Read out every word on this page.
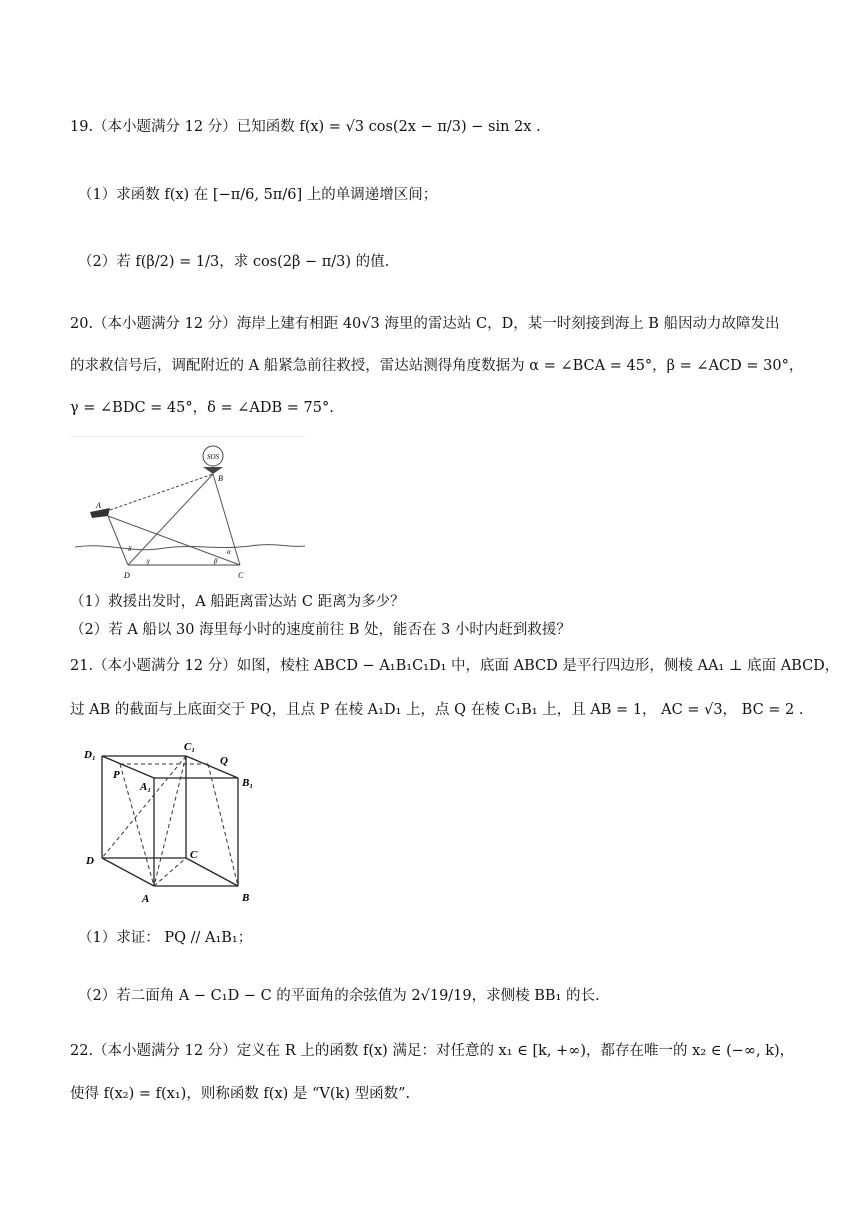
19.（本小题满分 12 分）已知函数 f(x) = √3 cos(2x − π/3) − sin 2x .
（1）求函数 f(x) 在 [−π/6, 5π/6] 上的单调递增区间；
（2）若 f(β/2) = 1/3，求 cos(2β − π/3) 的值.
20.（本小题满分 12 分）海岸上建有相距 40√3 海里的雷达站 C，D，某一时刻接到海上 B 船因动力故障发出
的求救信号后，调配附近的 A 船紧急前往救授，雷达站测得角度数据为 α = ∠BCA = 45°，β = ∠ACD = 30°，
γ = ∠BDC = 45°，δ = ∠ADB = 75°.
SOS
A
B
C
D
α
β
γ
δ
（1）救援出发时，A 船距离雷达站 C 距离为多少？
（2）若 A 船以 30 海里每小时的速度前往 B 处，能否在 3 小时内赶到救援？
21.（本小题满分 12 分）如图，棱柱 ABCD − A₁B₁C₁D₁ 中，底面 ABCD 是平行四边形，侧棱 AA₁ ⊥ 底面 ABCD，
过 AB 的截面与上底面交于 PQ，且点 P 在棱 A₁D₁ 上，点 Q 在棱 C₁B₁ 上，且 AB = 1， AC = √3， BC = 2 .
D₁
C₁
Q
B₁
P
A₁
D	C
A	B
（1）求证： PQ // A₁B₁；
（2）若二面角 A − C₁D − C 的平面角的余弦值为 2√19/19，求侧棱 BB₁ 的长.
22.（本小题满分 12 分）定义在 R 上的函数 f(x) 满足：对任意的 x₁ ∈ [k, +∞)，都存在唯一的 x₂ ∈ (−∞, k)，
使得 f(x₂) = f(x₁)，则称函数 f(x) 是 “V(k) 型函数”.
